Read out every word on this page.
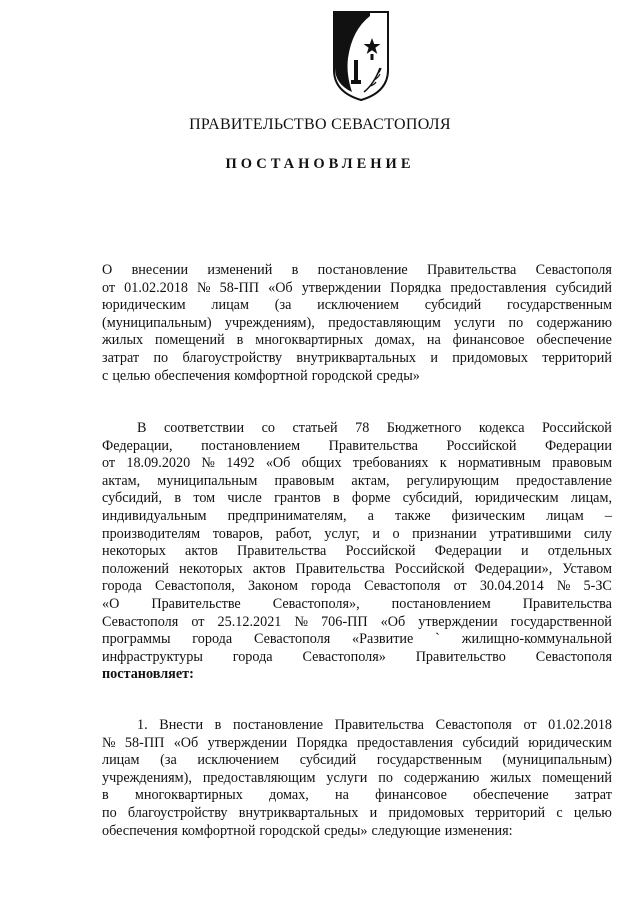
ПРАВИТЕЛЬСТВО СЕВАСТОПОЛЯ
ПОСТАНОВЛЕНИЕ
О внесении изменений в постановление Правительства Севастополя
от 01.02.2018 № 58-ПП «Об утверждении Порядка предоставления субсидий
юридическим лицам (за исключением субсидий государственным
(муниципальным) учреждениям), предоставляющим услуги по содержанию
жилых помещений в многоквартирных домах, на финансовое обеспечение
затрат по благоустройству внутриквартальных и придомовых территорий
с целью обеспечения комфортной городской среды»
В соответствии со статьей 78 Бюджетного кодекса Российской
Федерации, постановлением Правительства Российской Федерации
от 18.09.2020 № 1492 «Об общих требованиях к нормативным правовым
актам, муниципальным правовым актам, регулирующим предоставление
субсидий, в том числе грантов в форме субсидий, юридическим лицам,
индивидуальным предпринимателям, а также физическим лицам –
производителям товаров, работ, услуг, и о признании утратившими силу
некоторых актов Правительства Российской Федерации и отдельных
положений некоторых актов Правительства Российской Федерации», Уставом
города Севастополя, Законом города Севастополя от 30.04.2014 № 5-ЗС
«О Правительстве Севастополя», постановлением Правительства
Севастополя от 25.12.2021 № 706-ПП «Об утверждении государственной
программы города Севастополя «Развитие ` жилищно-коммунальной
инфраструктуры города Севастополя» Правительство Севастополя
постановляет:
1. Внести в постановление Правительства Севастополя от 01.02.2018
№ 58-ПП «Об утверждении Порядка предоставления субсидий юридическим
лицам (за исключением субсидий государственным (муниципальным)
учреждениям), предоставляющим услуги по содержанию жилых помещений
в многоквартирных домах, на финансовое обеспечение затрат
по благоустройству внутриквартальных и придомовых территорий с целью
обеспечения комфортной городской среды» следующие изменения:
